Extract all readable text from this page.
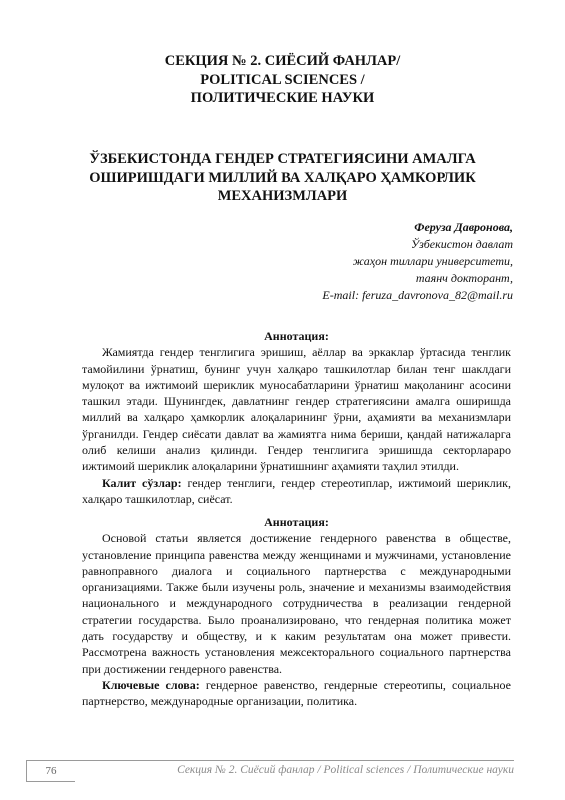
СЕКЦИЯ № 2. СИЁСИЙ ФАНЛАР/
POLITICAL SCIENCES /
ПОЛИТИЧЕСКИЕ НАУКИ
ЎЗБЕКИСТОНДА ГЕНДЕР СТРАТЕГИЯСИНИ АМАЛГА
ОШИРИШДАГИ МИЛЛИЙ ВА ХАЛҚАРО ҲАМКОРЛИК
МЕХАНИЗМЛАРИ
Феруза Давронова,
Ўзбекистон давлат
жаҳон тиллари университети,
таянч докторант,
E-mail: feruza_davronova_82@mail.ru
Аннотация:
Жамиятда гендер тенглигига эришиш, аёллар ва эркаклар ўртасида тенглик тамойилини ўрнатиш, бунинг учун халқаро ташкилотлар билан тенг шаклдаги мулоқот ва ижтимоий шериклик муносабатларини ўрнатиш мақоланинг асосини ташкил этади. Шунингдек, давлатнинг гендер стратегиясини амалга оширишда миллий ва халқаро ҳамкорлик алоқаларининг ўрни, аҳамияти ва механизмлари ўрганилди. Гендер сиёсати давлат ва жамиятга нима бериши, қандай натижаларга олиб келиши анализ қилинди. Гендер тенглигига эришишда секторлараро ижтимоий шериклик алоқаларини ўрнатишнинг аҳамияти таҳлил этилди.
Калит сўзлар: гендер тенглиги, гендер стереотиплар, ижтимоий шериклик, халқаро ташкилотлар, сиёсат.
Аннотация:
Основой статьи является достижение гендерного равенства в обществе, установление принципа равенства между женщинами и мужчинами, установление равноправного диалога и социального партнерства с международными организациями. Также были изучены роль, значение и механизмы взаимодействия национального и международного сотрудничества в реализации гендерной стратегии государства. Было проанализировано, что гендерная политика может дать государству и обществу, и к каким результатам она может привести. Рассмотрена важность установления межсекторального социального партнерства при достижении гендерного равенства.
Ключевые слова: гендерное равенство, гендерные стереотипы, социальное партнерство, международные организации, политика.
76	Секция № 2. Сиёсий фанлар / Political sciences / Политические науки
